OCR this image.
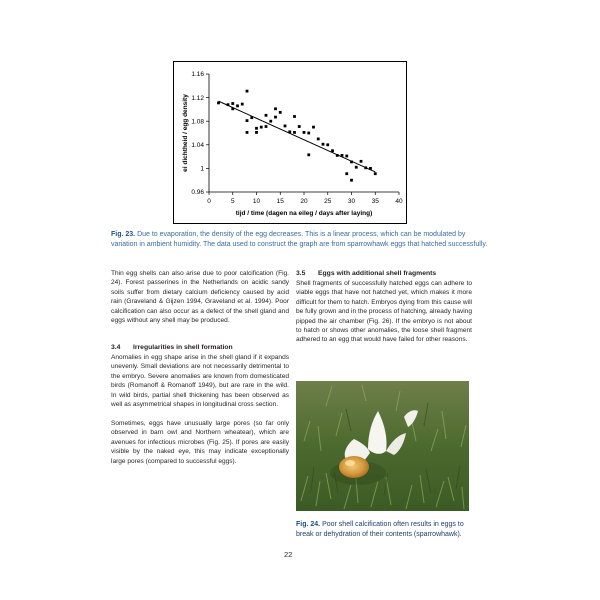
0	5	10	15	20	25	30	35	40
0.96
1
1.04
1.08
1.12
1.16
tijd / time (dagen na eileg / days after laying)
ei dichtheid / egg density
Fig. 23. Due to evaporation, the density of the egg decreases. This is a linear process, which can be modulated by variation in ambient humidity. The data used to construct the graph are from sparrowhawk eggs that hatched successfully.

Thin egg shells can also arise due to poor calcification (Fig. 24). Forest passerines in the Netherlands on acidic sandy soils suffer from dietary calcium deficiency caused by acid rain (Graveland & Gijzen 1994, Graveland et al. 1994). Poor calcification can also occur as a defect of the shell gland and eggs without any shell may be produced.

3.4 Irregularities in shell formation

Anomalies in egg shape arise in the shell gland if it expands unevenly. Small deviations are not necessarily detrimental to the embryo. Severe anomalies are known from domesticated birds (Romanoff & Romanoff 1949), but are rare in the wild. In wild birds, partial shell thickening has been observed as well as asymmetrical shapes in longitudinal cross section.

Sometimes, eggs have unusually large pores (so far only observed in barn owl and Northern wheatear), which are avenues for infectious microbes (Fig. 25). If pores are easily visible by the naked eye, this may indicate exceptionally large pores (compared to successful eggs).

3.5 Eggs with additional shell fragments

Shell fragments of successfully hatched eggs can adhere to viable eggs that have not hatched yet, which makes it more difficult for them to hatch. Embryos dying from this cause will be fully grown and in the process of hatching, already having pipped the air chamber (Fig. 26). If the embryo is not about to hatch or shows other anomalies, the loose shell fragment adhered to an egg that would have failed for other reasons.

Fig. 24. Poor shell calcification often results in eggs to break or dehydration of their contents (sparrowhawk).
22
